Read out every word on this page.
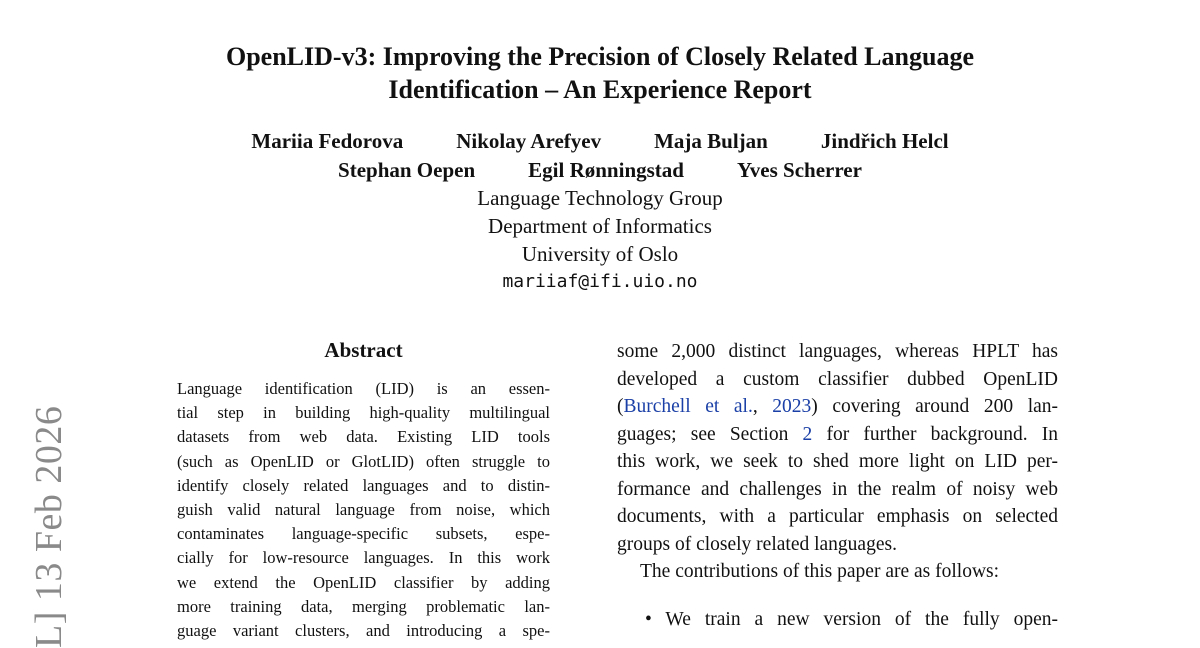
L] 13 Feb 2026
OpenLID-v3: Improving the Precision of Closely Related Language
Identification – An Experience Report
Mariia Fedorova	Nikolay Arefyev	Maja Buljan	Jindřich Helcl
Stephan Oepen	Egil Rønningstad	Yves Scherrer
Language Technology Group
Department of Informatics
University of Oslo
mariiaf@ifi.uio.no
Abstract
Language identification (LID) is an essen-
tial step in building high-quality multilingual
datasets from web data. Existing LID tools
(such as OpenLID or GlotLID) often struggle to
identify closely related languages and to distin-
guish valid natural language from noise, which
contaminates language-specific subsets, espe-
cially for low-resource languages. In this work
we extend the OpenLID classifier by adding
more training data, merging problematic lan-
guage variant clusters, and introducing a spe-
some 2,000 distinct languages, whereas HPLT has
developed a custom classifier dubbed OpenLID
(Burchell et al., 2023) covering around 200 lan-
guages; see Section 2 for further background. In
this work, we seek to shed more light on LID per-
formance and challenges in the realm of noisy web
documents, with a particular emphasis on selected
groups of closely related languages.
The contributions of this paper are as follows:
• We train a new version of the fully open-
